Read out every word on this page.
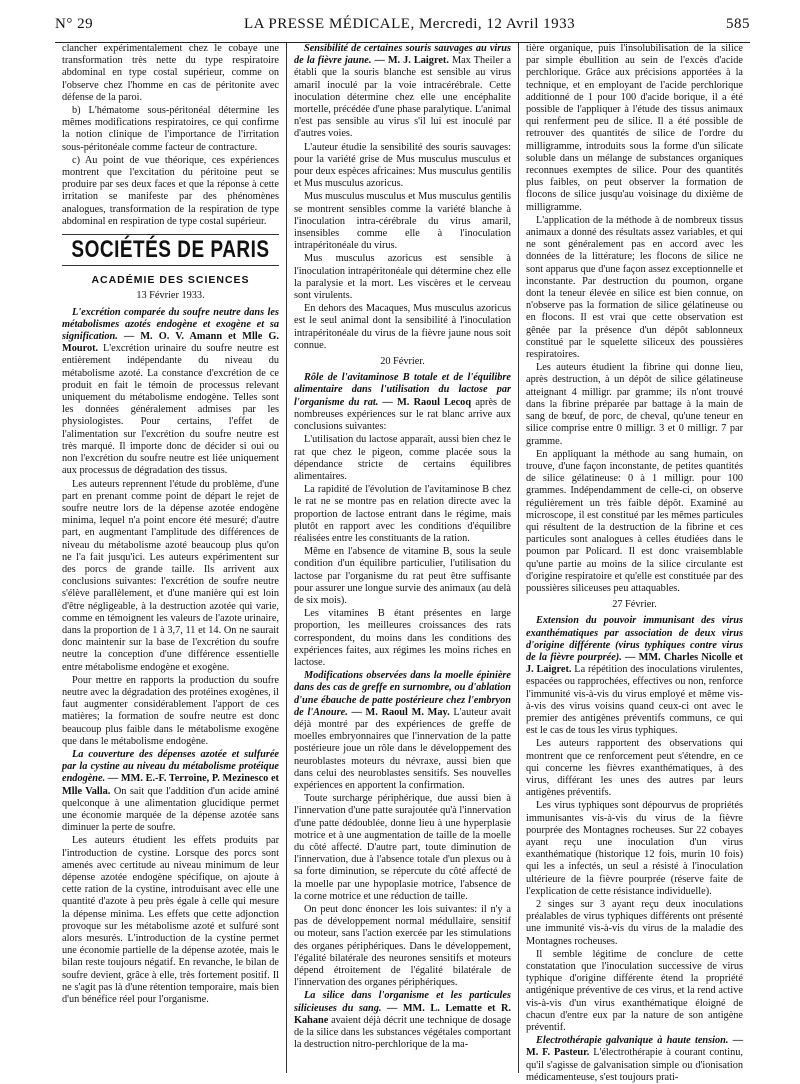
N° 29	LA PRESSE MÉDICALE, Mercredi, 12 Avril 1933	585

clancher expérimentalement chez le cobaye une transformation très nette du type respiratoire abdominal en type costal supérieur, comme on l'observe chez l'homme en cas de péritonite avec défense de la paroi.

b) L'hématome sous-péritonéal détermine les mêmes modifications respiratoires, ce qui confirme la notion clinique de l'importance de l'irritation sous-péritonéale comme facteur de contracture.

c) Au point de vue théorique, ces expériences montrent que l'excitation du péritoine peut se produire par ses deux faces et que la réponse à cette irritation se manifeste par des phénomènes analogues, transformation de la respiration de type abdominal en respiration de type costal supérieur.

SOCIÉTÉS DE PARIS
ACADÉMIE DES SCIENCES

13 Février 1933.

L'excrétion comparée du soufre neutre dans les métabolismes azotés endogène et exogène et sa signification. — M. O. V. Amann et Mlle G. Mourot. L'excrétion urinaire du soufre neutre est entièrement indépendante du niveau du métabolisme azoté. La constance d'excrétion de ce produit en fait le témoin de processus relevant uniquement du métabolisme endogène. Telles sont les données généralement admises par les physiologistes. Pour certains, l'effet de l'alimentation sur l'excrétion du soufre neutre est très marqué. Il importe donc de décider si oui ou non l'excrétion du soufre neutre est liée uniquement aux processus de dégradation des tissus.

Les auteurs reprennent l'étude du problème, d'une part en prenant comme point de départ le rejet de soufre neutre lors de la dépense azotée endogène minima, lequel n'a point encore été mesuré; d'autre part, en augmentant l'amplitude des différences de niveau du métabolisme azoté beaucoup plus qu'on ne l'a fait jusqu'ici. Les auteurs expérimentent sur des porcs de grande taille. Ils arrivent aux conclusions suivantes: l'excrétion de soufre neutre s'élève parallèlement, et d'une manière qui est loin d'être négligeable, à la destruction azotée qui varie, comme en témoignent les valeurs de l'azote urinaire, dans la proportion de 1 à 3,7, 11 et 14. On ne saurait donc maintenir sur la base de l'excrétion du soufre neutre la conception d'une différence essentielle entre métabolisme endogène et exogène.

Pour mettre en rapports la production du soufre neutre avec la dégradation des protéines exogènes, il faut augmenter considérablement l'apport de ces matières; la formation de soufre neutre est donc beaucoup plus faible dans le métabolisme exogène que dans le métabolisme endogène.

La couverture des dépenses azotée et sulfurée par la cystine au niveau du métabolisme protéique endogène. — MM. E.-F. Terroine, P. Mezinesco et Mlle Valla. On sait que l'addition d'un acide aminé quelconque à une alimentation glucidique permet une économie marquée de la dépense azotée sans diminuer la perte de soufre.

Les auteurs étudient les effets produits par l'introduction de cystine. Lorsque des porcs sont amenés avec certitude au niveau minimum de leur dépense azotée endogène spécifique, on ajoute à cette ration de la cystine, introduisant avec elle une quantité d'azote à peu près égale à celle qui mesure la dépense minima. Les effets que cette adjonction provoque sur les métabolisme azoté et sulfuré sont alors mesurés. L'introduction de la cystine permet une économie partielle de la dépense azotée, mais le bilan reste toujours négatif. En revanche, le bilan de soufre devient, grâce à elle, très fortement positif. Il ne s'agit pas là d'une rétention temporaire, mais bien d'un bénéfice réel pour l'organisme.

Sensibilité de certaines souris sauvages au virus de la fièvre jaune. — M. J. Laigret. Max Theiler a établi que la souris blanche est sensible au virus amaril inoculé par la voie intracérébrale. Cette inoculation détermine chez elle une encéphalite mortelle, précédée d'une phase paralytique. L'animal n'est pas sensible au virus s'il lui est inoculé par d'autres voies.

L'auteur étudie la sensibilité des souris sauvages: pour la variété grise de Mus musculus musculus et pour deux espèces africaines: Mus musculus gentilis et Mus musculus azoricus.

Mus musculus musculus et Mus musculus gentilis se montrent sensibles comme la variété blanche à l'inoculation intra-cérébrale du virus amaril, insensibles comme elle à l'inoculation intrapéritonéale du virus.

Mus musculus azoricus est sensible à l'inoculation intrapéritonéale qui détermine chez elle la paralysie et la mort. Les viscères et le cerveau sont virulents.

En dehors des Macaques, Mus musculus azoricus est le seul animal dont la sensibilité à l'inoculation intrapéritonéale du virus de la fièvre jaune nous soit connue.

20 Février.

Rôle de l'avitaminose B totale et de l'équilibre alimentaire dans l'utilisation du lactose par l'organisme du rat. — M. Raoul Lecoq après de nombreuses expériences sur le rat blanc arrive aux conclusions suivantes:

L'utilisation du lactose apparaît, aussi bien chez le rat que chez le pigeon, comme placée sous la dépendance stricte de certains équilibres alimentaires.

La rapidité de l'évolution de l'avitaminose B chez le rat ne se montre pas en relation directe avec la proportion de lactose entrant dans le régime, mais plutôt en rapport avec les conditions d'équilibre réalisées entre les constituants de la ration.

Même en l'absence de vitamine B, sous la seule condition d'un équilibre particulier, l'utilisation du lactose par l'organisme du rat peut être suffisante pour assurer une longue survie des animaux (au delà de six mois).

Les vitamines B étant présentes en large proportion, les meilleures croissances des rats correspondent, du moins dans les conditions des expériences faites, aux régimes les moins riches en lactose.

Modifications observées dans la moelle épinière dans des cas de greffe en surnombre, ou d'ablation d'une ébauche de patte postérieure chez l'embryon de l'Anoure. — M. Raoul M. May. L'auteur avait déjà montré par des expériences de greffe de moelles embryonnaires que l'innervation de la patte postérieure joue un rôle dans le développement des neuroblastes moteurs du névraxe, aussi bien que dans celui des neuroblastes sensitifs. Ses nouvelles expériences en apportent la confirmation.

Toute surcharge périphérique, due aussi bien à l'innervation d'une patte surajoutée qu'à l'innervation d'une patte dédoublée, donne lieu à une hyperplasie motrice et à une augmentation de taille de la moelle du côté affecté. D'autre part, toute diminution de l'innervation, due à l'absence totale d'un plexus ou à sa forte diminution, se répercute du côté affecté de la moelle par une hypoplasie motrice, l'absence de la corne motrice et une réduction de taille.

On peut donc énoncer les lois suivantes: il n'y a pas de développement normal médullaire, sensitif ou moteur, sans l'action exercée par les stimulations des organes périphériques. Dans le développement, l'égalité bilatérale des neurones sensitifs et moteurs dépend étroitement de l'égalité bilatérale de l'innervation des organes périphériques.

La silice dans l'organisme et les particules silicieuses du sang. — MM. L. Lematte et R. Kahane avaient déjà décrit une technique de dosage de la silice dans les substances végétales comportant la destruction nitro-perchlorique de la ma-

tière organique, puis l'insolubilisation de la silice par simple ébullition au sein de l'excès d'acide perchlorique. Grâce aux précisions apportées à la technique, et en employant de l'acide perchlorique additionné de 1 pour 100 d'acide borique, il a été possible de l'appliquer à l'étude des tissus animaux qui renferment peu de silice. Il a été possible de retrouver des quantités de silice de l'ordre du milligramme, introduits sous la forme d'un silicate soluble dans un mélange de substances organiques reconnues exemptes de silice. Pour des quantités plus faibles, on peut observer la formation de flocons de silice jusqu'au voisinage du dixième de milligramme.

L'application de la méthode à de nombreux tissus animaux a donné des résultats assez variables, et qui ne sont généralement pas en accord avec les données de la littérature; les flocons de silice ne sont apparus que d'une façon assez exceptionnelle et inconstante. Par destruction du poumon, organe dont la teneur élevée en silice est bien connue, on n'observe pas la formation de silice gélatineuse ou en flocons. Il est vrai que cette observation est gênée par la présence d'un dépôt sablonneux constitué par le squelette siliceux des poussières respiratoires.

Les auteurs étudient la fibrine qui donne lieu, après destruction, à un dépôt de silice gélatineuse atteignant 4 milligr. par gramme; ils n'ont trouvé dans la fibrine préparée par battage à la main de sang de bœuf, de porc, de cheval, qu'une teneur en silice comprise entre 0 milligr. 3 et 0 milligr. 7 par gramme.

En appliquant la méthode au sang humain, on trouve, d'une façon inconstante, de petites quantités de silice gélatineuse: 0 à 1 milligr. pour 100 grammes. Indépendamment de celle-ci, on observe régulièrement un très faible dépôt. Examiné au microscope, il est constitué par les mêmes particules qui résultent de la destruction de la fibrine et ces particules sont analogues à celles étudiées dans le poumon par Policard. Il est donc vraisemblable qu'une partie au moins de la silice circulante est d'origine respiratoire et qu'elle est constituée par des poussières siliceuses peu attaquables.

27 Février.

Extension du pouvoir immunisant des virus exanthématiques par association de deux virus d'origine différente (virus typhiques contre virus de la fièvre pourprée). — MM. Charles Nicolle et J. Laigret. La répétition des inoculations virulentes, espacées ou rapprochées, effectives ou non, renforce l'immunité vis-à-vis du virus employé et même vis-à-vis des virus voisins quand ceux-ci ont avec le premier des antigènes préventifs communs, ce qui est le cas de tous les virus typhiques.

Les auteurs rapportent des observations qui montrent que ce renforcement peut s'étendre, en ce qui concerne les fièvres exanthématiques, à des virus, différant les unes des autres par leurs antigènes préventifs.

Les virus typhiques sont dépourvus de propriétés immunisantes vis-à-vis du virus de la fièvre pourprée des Montagnes rocheuses. Sur 22 cobayes ayant reçu une inoculation d'un virus exanthématique (historique 12 fois, murin 10 fois) qui les a infectés, un seul a résisté à l'inoculation ultérieure de la fièvre pourprée (réserve faite de l'explication de cette résistance individuelle).

2 singes sur 3 ayant reçu deux inoculations préalables de virus typhiques différents ont présenté une immunité vis-à-vis du virus de la maladie des Montagnes rocheuses.

Il semble légitime de conclure de cette constatation que l'inoculation successive de virus typhique d'origine différente étend la propriété antigénique préventive de ces virus, et la rend active vis-à-vis d'un virus exanthématique éloigné de chacun d'entre eux par la nature de son antigène préventif.

Electrothérapie galvanique à haute tension. — M. F. Pasteur. L'électrothérapie à courant continu, qu'il s'agisse de galvanisation simple ou d'ionisation médicamenteuse, s'est toujours prati-
